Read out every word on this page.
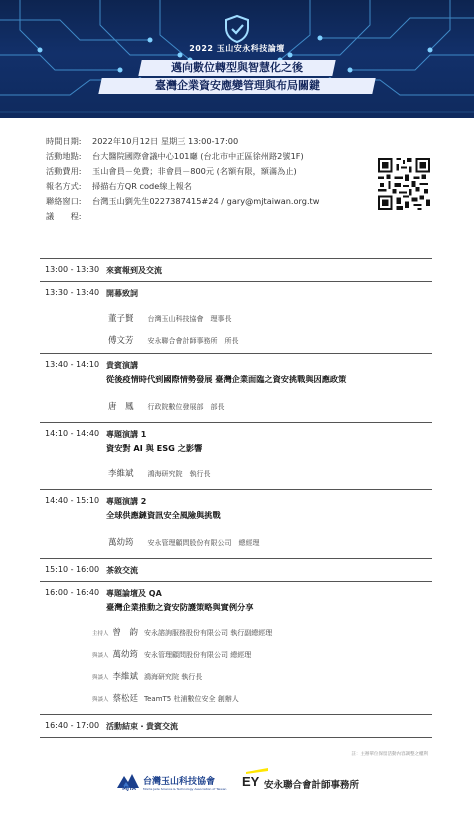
2022 玉山安永科技論壇
邁向數位轉型與智慧化之後
臺灣企業資安應變管理與布局關鍵
時間日期: 2022年10月12日 星期三 13:00-17:00
活動地點: 台大醫院國際會議中心101廳 (台北市中正區徐州路2號1F)
活動費用: 玉山會員－免費；非會員－800元 (名額有限，額滿為止)
報名方式: 掃描右方QR code線上報名
聯絡窗口: 台灣玉山劉先生0227387415#24 / gary@mjtaiwan.org.tw
議　　程:
13:00 - 13:30 來賓報到及交流
13:30 - 13:40 開幕致詞
董子賢 台灣玉山科技協會　 理事長
傅文芳 安永聯合會計師事務所　 所長
13:40 - 14:10 貴賓演講
從後疫情時代到國際情勢發展 臺灣企業面臨之資安挑戰與因應政策
唐　鳳 行政院數位發展部　 部長
14:10 - 14:40 專題演講 1
資安對 AI 與 ESG 之影響
李維斌 鴻海研究院　 執行長
14:40 - 15:10 專題演講 2
全球供應鏈資訊安全風險與挑戰
萬幼筠 安永管理顧問股份有限公司　 總經理
15:10 - 16:00 茶敘交流
16:00 - 16:40 專題論壇及 QA
臺灣企業推動之資安防護策略與實例分享
主持人 曾　韵 安永諮詢服務股份有限公司 執行副總經理
與談人 萬幼筠 安永管理顧問股份有限公司 總經理
與談人 李維斌 鴻海研究院 執行長
與談人 蔡松廷 TeamT5 杜浦數位安全 創辦人
16:40 - 17:00 活動結束・貴賓交流
註：主辦單位保留活動內容調整之權利
MJTA
台灣玉山科技協會
Monte Jade Science & Technology Association of Taiwan EY 安永聯合會計師事務所
